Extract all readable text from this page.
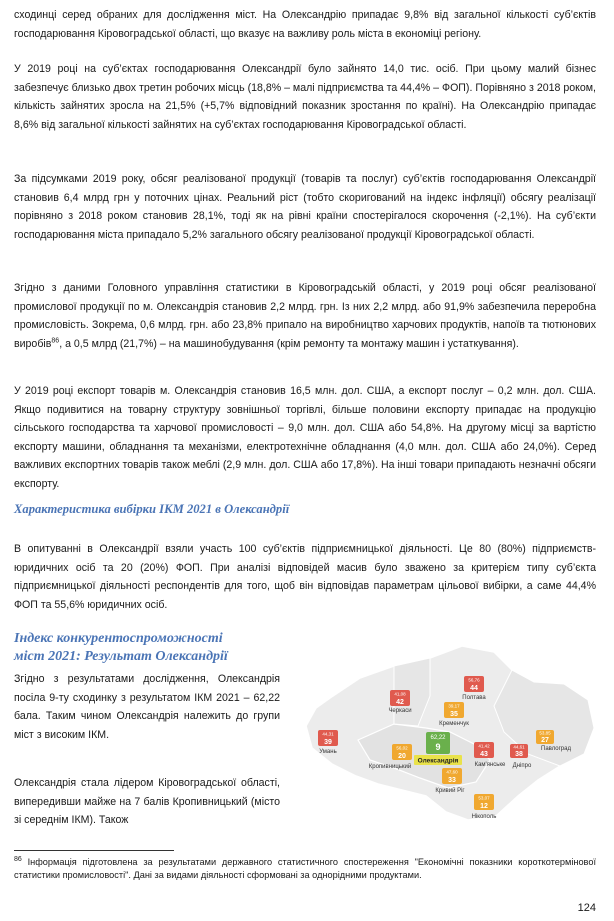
сходинці серед обраних для дослідження міст. На Олександрію припадає 9,8% від загальної кількості суб’єктів господарювання Кіровоградської області, що вказує на важливу роль міста в економіці регіону.

У 2019 році на суб’єктах господарювання Олександрії було зайнято 14,0 тис. осіб. При цьому малий бізнес забезпечує близько двох третин робочих місць (18,8% – малі підприємства та 44,4% – ФОП). Порівняно з 2018 роком, кількість зайнятих зросла на 21,5% (+5,7% відповідний показник зростання по країні). На Олександрію припадає 8,6% від загальної кількості зайнятих на суб’єктах господарювання Кіровоградської області.

За підсумками 2019 року, обсяг реалізованої продукції (товарів та послуг) суб’єктів господарювання Олександрії становив 6,4 млрд грн у поточних цінах. Реальний ріст (тобто скоригований на індекс інфляції) обсягу реалізації порівняно з 2018 роком становив 28,1%, тоді як на рівні країни спостерігалося скорочення (-2,1%). На суб’єкти господарювання міста припадало 5,2% загального обсягу реалізованої продукції Кіровоградської області.

Згідно з даними Головного управління статистики в Кіровоградській області, у 2019 році обсяг реалізованої промислової продукції по м. Олександрія становив 2,2 млрд. грн. Із них 2,2 млрд. або 91,9% забезпечила переробна промисловість. Зокрема, 0,6 млрд. грн. або 23,8% припало на виробництво харчових продуктів, напоїв та тютюнових виробів$^{86}$, а 0,5 млрд (21,7%) – на машинобудування (крім ремонту та монтажу машин і устаткування).

У 2019 році експорт товарів м. Олександрія становив 16,5 млн. дол. США, а експорт послуг – 0,2 млн. дол. США. Якщо подивитися на товарну структуру зовнішньої торгівлі, більше половини експорту припадає на продукцію сільського господарства та харчової промисловості – 9,0 млн. дол. США або 54,8%. На другому місці за вартістю експорту машини, обладнання та механізми, електротехнічне обладнання (4,0 млн. дол. США або 24,0%). Серед важливих експортних товарів також меблі (2,9 млн. дол. США або 17,8%). На інші товари припадають незначні обсяги експорту.

Характеристика вибірки ІКМ 2021 в Олександрії

В опитуванні в Олександрії взяли участь 100 суб’єктів підприємницької діяльності. Це 80 (80%) підприємств-юридичних осіб та 20 (20%) ФОП. При аналізі відповідей масив було зважено за критерієм типу суб’єкта підприємницької діяльності респондентів для того, щоб він відповідав параметрам цільової вибірки, а саме 44,4% ФОП та 55,6% юридичних осіб.

Індекс конкурентоспроможності
міст 2021: Результат Олександрії

Згідно з результатами дослідження, Олександрія посіла 9-ту сходинку з результатом ІКМ 2021 – 62,22 бала. Таким чином Олександрія належить до групи міст з високим ІКМ.

Олександрія стала лідером Кіровоградської області, випередивши майже на 7 балів Кропивницький (місто зі середнім ІКМ). Також

56,76
44
Полтава
41,08
42
Черкаси
39,17
35
Кременчук
44,31
39
Умань
56,02
20
Кропивницький
62,22
9
Олександрія
41,42
43
Кам'янське
44,61
38
Дніпро
53,85
27
Павлоград
47,60
33
Кривий Ріг
53,07
12
Нікополь

$^{86}$ Інформація підготовлена за результатами державного статистичного спостереження "Економічні показники короткотермінової статистики промисловості". Дані за видами діяльності сформовані за однорідними продуктами.

124
